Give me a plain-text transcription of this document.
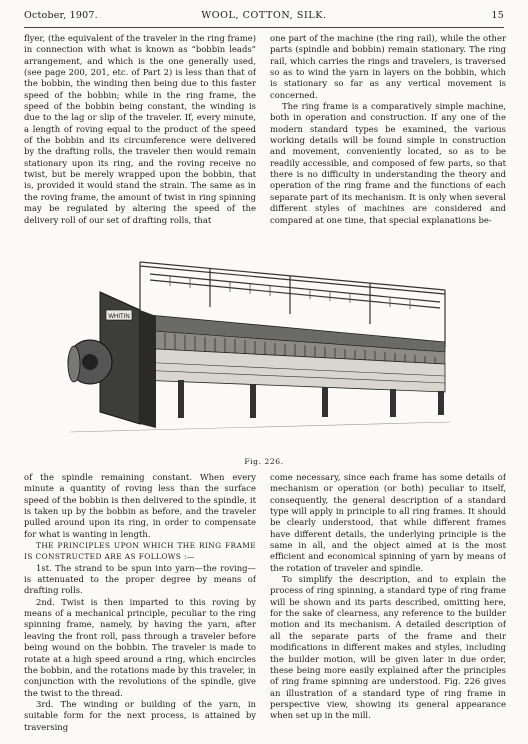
October, 1907.	WOOL, COTTON, SILK.	15

flyer, (the equivalent of the traveler in the ring frame) in connection with what is known as “bobbin leads” arrangement, and which is the one generally used, (see page 200, 201, etc. of Part 2) is less than that of the bobbin, the winding then being due to this faster speed of the bobbin; while in the ring frame, the speed of the bobbin being constant, the winding is due to the lag or slip of the traveler. If, every minute, a length of roving equal to the product of the speed of the bobbin and its circumference were delivered by the drafting rolls, the traveler then would remain stationary upon its ring, and the roving receive no twist, but be merely wrapped upon the bobbin, that is, provided it would stand the strain. The same as in the roving frame, the amount of twist in ring spinning may be regulated by altering the speed of the delivery roll of our set of drafting rolls, that

one part of the machine (the ring rail), while the other parts (spindle and bobbin) remain stationary. The ring rail, which carries the rings and travelers, is traversed so as to wind the yarn in layers on the bobbin, which is stationary so far as any vertical movement is concerned.

The ring frame is a comparatively simple machine, both in operation and construction. If any one of the modern standard types be examined, the various working details will be found simple in construction and movement, conveniently located, so as to be readily accessible, and composed of few parts, so that there is no difficulty in understanding the theory and operation of the ring frame and the functions of each separate part of its mechanism. It is only when several different styles of machines are considered and compared at one time, that special explanations be-

WHITIN
Fig. 226.

of the spindle remaining constant. When every minute a quantity of roving less than the surface speed of the bobbin is then delivered to the spindle, it is taken up by the bobbin as before, and the traveler pulled around upon its ring, in order to compensate for what is wanting in length.

THE PRINCIPLES UPON WHICH THE RING FRAME IS CONSTRUCTED ARE AS FOLLOWS :—

1st. The strand to be spun into yarn—the roving—is attenuated to the proper degree by means of drafting rolls.

2nd. Twist is then imparted to this roving by means of a mechanical principle, peculiar to the ring spinning frame, namely, by having the yarn, after leaving the front roll, pass through a traveler before being wound on the bobbin. The traveler is made to rotate at a high speed around a ring, which encircles the bobbin, and the rotations made by this traveler, in conjunction with the revolutions of the spindle, give the twist to the thread.

3rd. The winding or building of the yarn, in suitable form for the next process, is attained by traversing

come necessary, since each frame has some details of mechanism or operation (or both) peculiar to itself, consequently, the general description of a standard type will apply in principle to all ring frames. It should be clearly understood, that while different frames have different details, the underlying principle is the same in all, and the object aimed at is the most efficient and economical spinning of yarn by means of the rotation of traveler and spindle.

To simplify the description, and to explain the process of ring spinning, a standard type of ring frame will be shown and its parts described, omitting here, for the sake of clearness, any reference to the builder motion and its mechanism. A detailed description of all the separate parts of the frame and their modifications in different makes and styles, including the builder motion, will be given later in due order, these being more easily explained after the principles of ring frame spinning are understood. Fig. 226 gives an illustration of a standard type of ring frame in perspective view, showing its general appearance when set up in the mill.
